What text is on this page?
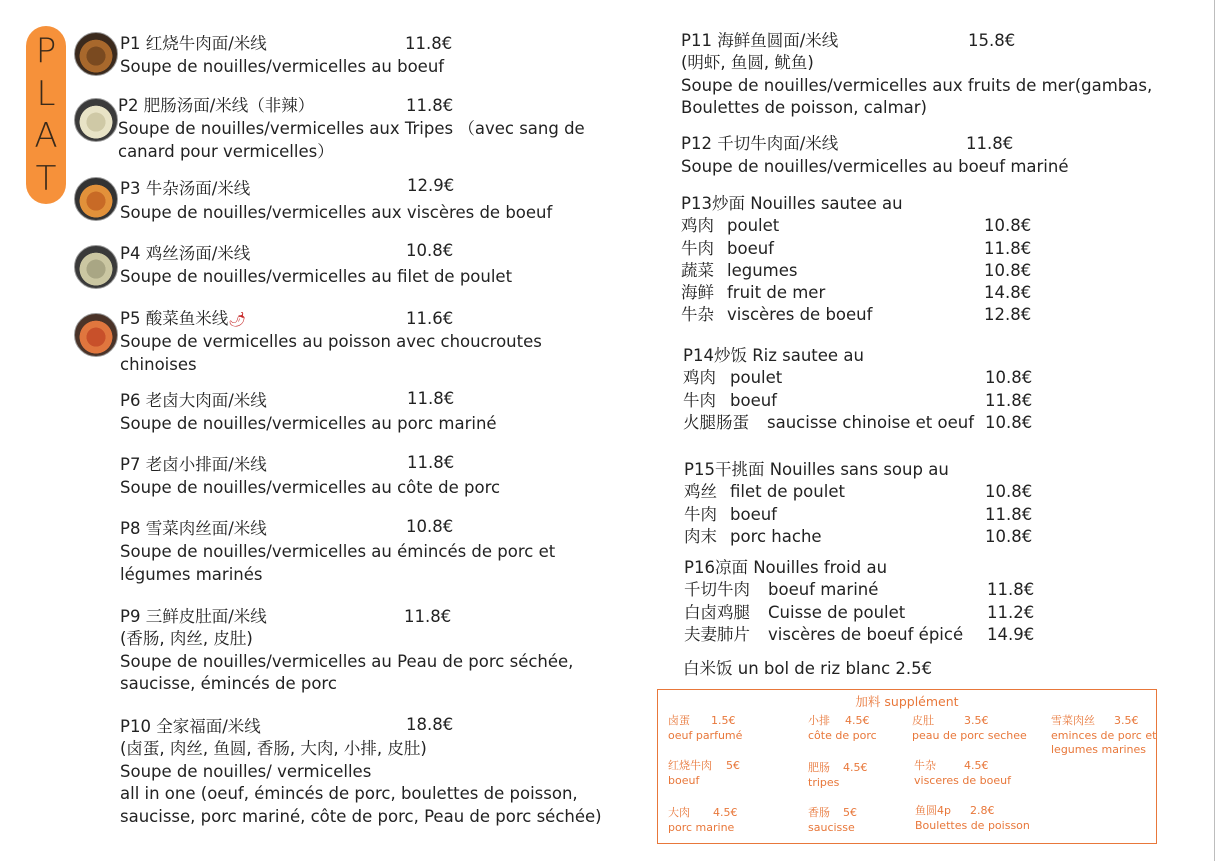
P
L
A
T
P1 红烧牛肉面/米线	11.8€
Soupe de nouilles/vermicelles au boeuf
P2 肥肠汤面/米线（非辣）	11.8€
Soupe de nouilles/vermicelles aux Tripes （avec sang de
canard pour vermicelles）
P3 牛杂汤面/米线	12.9€
Soupe de nouilles/vermicelles aux viscères de boeuf
P4 鸡丝汤面/米线	10.8€
Soupe de nouilles/vermicelles au filet de poulet
P5 酸菜鱼米线🌶	11.6€
Soupe de vermicelles au poisson avec choucroutes
chinoises
P6 老卤大肉面/米线	11.8€
Soupe de nouilles/vermicelles au porc mariné
P7 老卤小排面/米线	11.8€
Soupe de nouilles/vermicelles au côte de porc
P8 雪菜肉丝面/米线	10.8€
Soupe de nouilles/vermicelles au émincés de porc et
légumes marinés
P9 三鲜皮肚面/米线	11.8€
(香肠, 肉丝, 皮肚)
Soupe de nouilles/vermicelles au Peau de porc séchée,
saucisse, émincés de porc
P10 全家福面/米线	18.8€
(卤蛋, 肉丝, 鱼圆, 香肠, 大肉, 小排, 皮肚)
Soupe de nouilles/ vermicelles
all in one (oeuf, émincés de porc, boulettes de poisson,
saucisse, porc mariné, côte de porc, Peau de porc séchée)
P11 海鲜鱼圆面/米线	15.8€
(明虾, 鱼圆, 鱿鱼)
Soupe de nouilles/vermicelles aux fruits de mer(gambas,
Boulettes de poisson, calmar)
P12 千切牛肉面/米线	11.8€
Soupe de nouilles/vermicelles au boeuf mariné
P13炒面 Nouilles sautee au
鸡肉 poulet	10.8€
牛肉 boeuf	11.8€
蔬菜 legumes	10.8€
海鲜 fruit de mer	14.8€
牛杂 viscères de boeuf	12.8€
P14炒饭 Riz sautee au
鸡肉 poulet	10.8€
牛肉 boeuf	11.8€
火腿肠蛋 saucisse chinoise et oeuf 10.8€
P15干挑面 Nouilles sans soup au
鸡丝 filet de poulet	10.8€
牛肉 boeuf	11.8€
肉末 porc hache	10.8€
P16凉面 Nouilles froid au
千切牛肉 boeuf mariné	11.8€
白卤鸡腿 Cuisse de poulet	11.2€
夫妻肺片 viscères de boeuf épicé 14.9€
白米饭 un bol de riz blanc 2.5€
加料 supplément
卤蛋 1.5€
oeuf parfumé
小排 4.5€
côte de porc
皮肚	3.5€
peau de porc sechee
雪菜肉丝 3.5€
eminces de porc et
legumes marines
红烧牛肉 5€
boeuf
肥肠 4.5€
tripes
牛杂	4.5€
visceres de boeuf
大肉 4.5€
porc marine
香肠 5€
saucisse
鱼圆4p 2.8€
Boulettes de poisson
